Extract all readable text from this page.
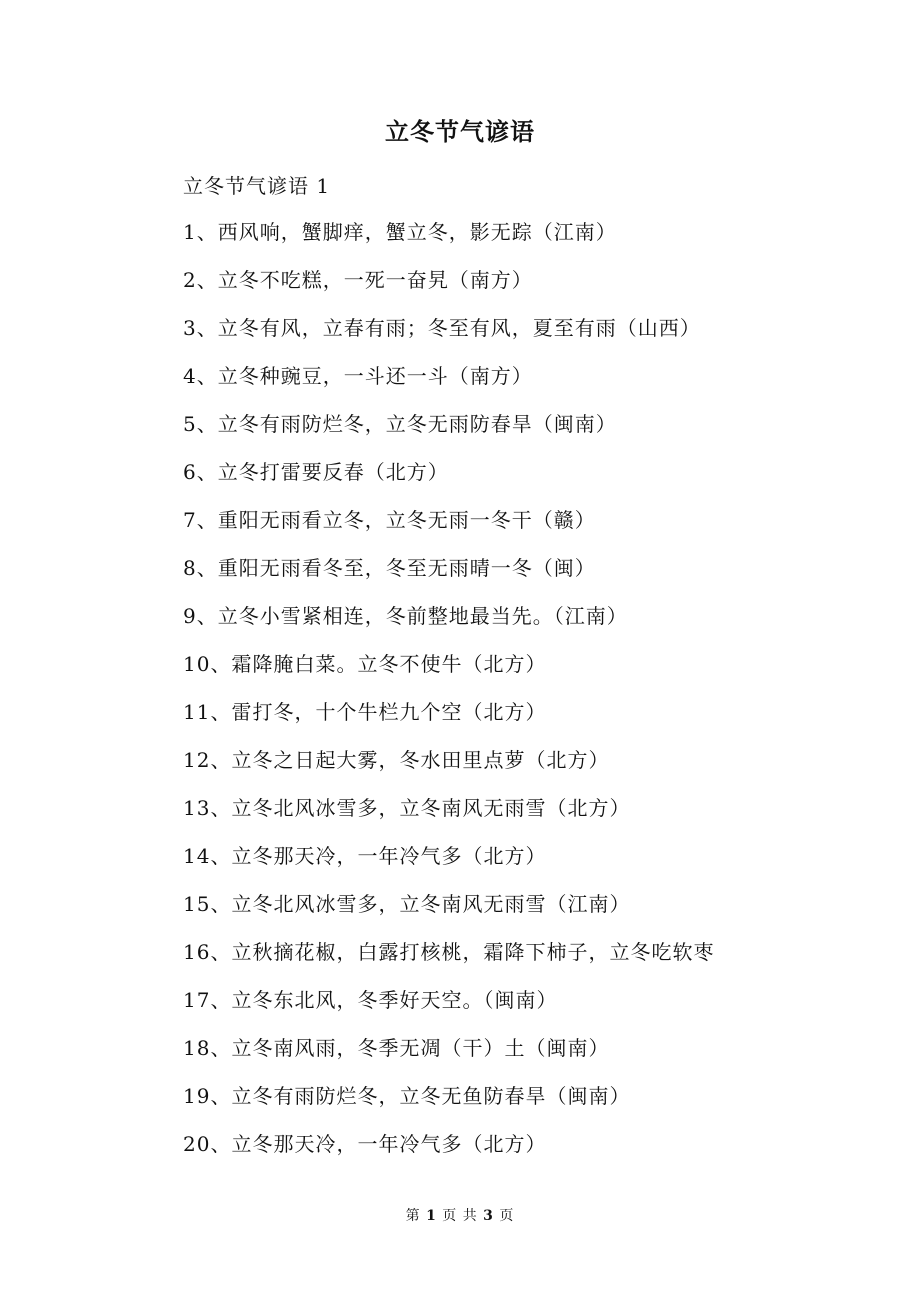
立冬节气谚语
立冬节气谚语 1
1、西风响，蟹脚痒，蟹立冬，影无踪（江南）
2、立冬不吃糕，一死一奋旯（南方）
3、立冬有风，立春有雨；冬至有风，夏至有雨（山西）
4、立冬种豌豆，一斗还一斗（南方）
5、立冬有雨防烂冬，立冬无雨防春旱（闽南）
6、立冬打雷要反春（北方）
7、重阳无雨看立冬，立冬无雨一冬干（赣）
8、重阳无雨看冬至，冬至无雨晴一冬（闽）
9、立冬小雪紧相连，冬前整地最当先。（江南）
10、霜降腌白菜。立冬不使牛（北方）
11、雷打冬，十个牛栏九个空（北方）
12、立冬之日起大雾，冬水田里点萝（北方）
13、立冬北风冰雪多，立冬南风无雨雪（北方）
14、立冬那天冷，一年冷气多（北方）
15、立冬北风冰雪多，立冬南风无雨雪（江南）
16、立秋摘花椒，白露打核桃，霜降下柿子，立冬吃软枣
17、立冬东北风，冬季好天空。（闽南）
18、立冬南风雨，冬季无凋（干）土（闽南）
19、立冬有雨防烂冬，立冬无鱼防春旱（闽南）
20、立冬那天冷，一年冷气多（北方）
第 1 页 共 3 页
